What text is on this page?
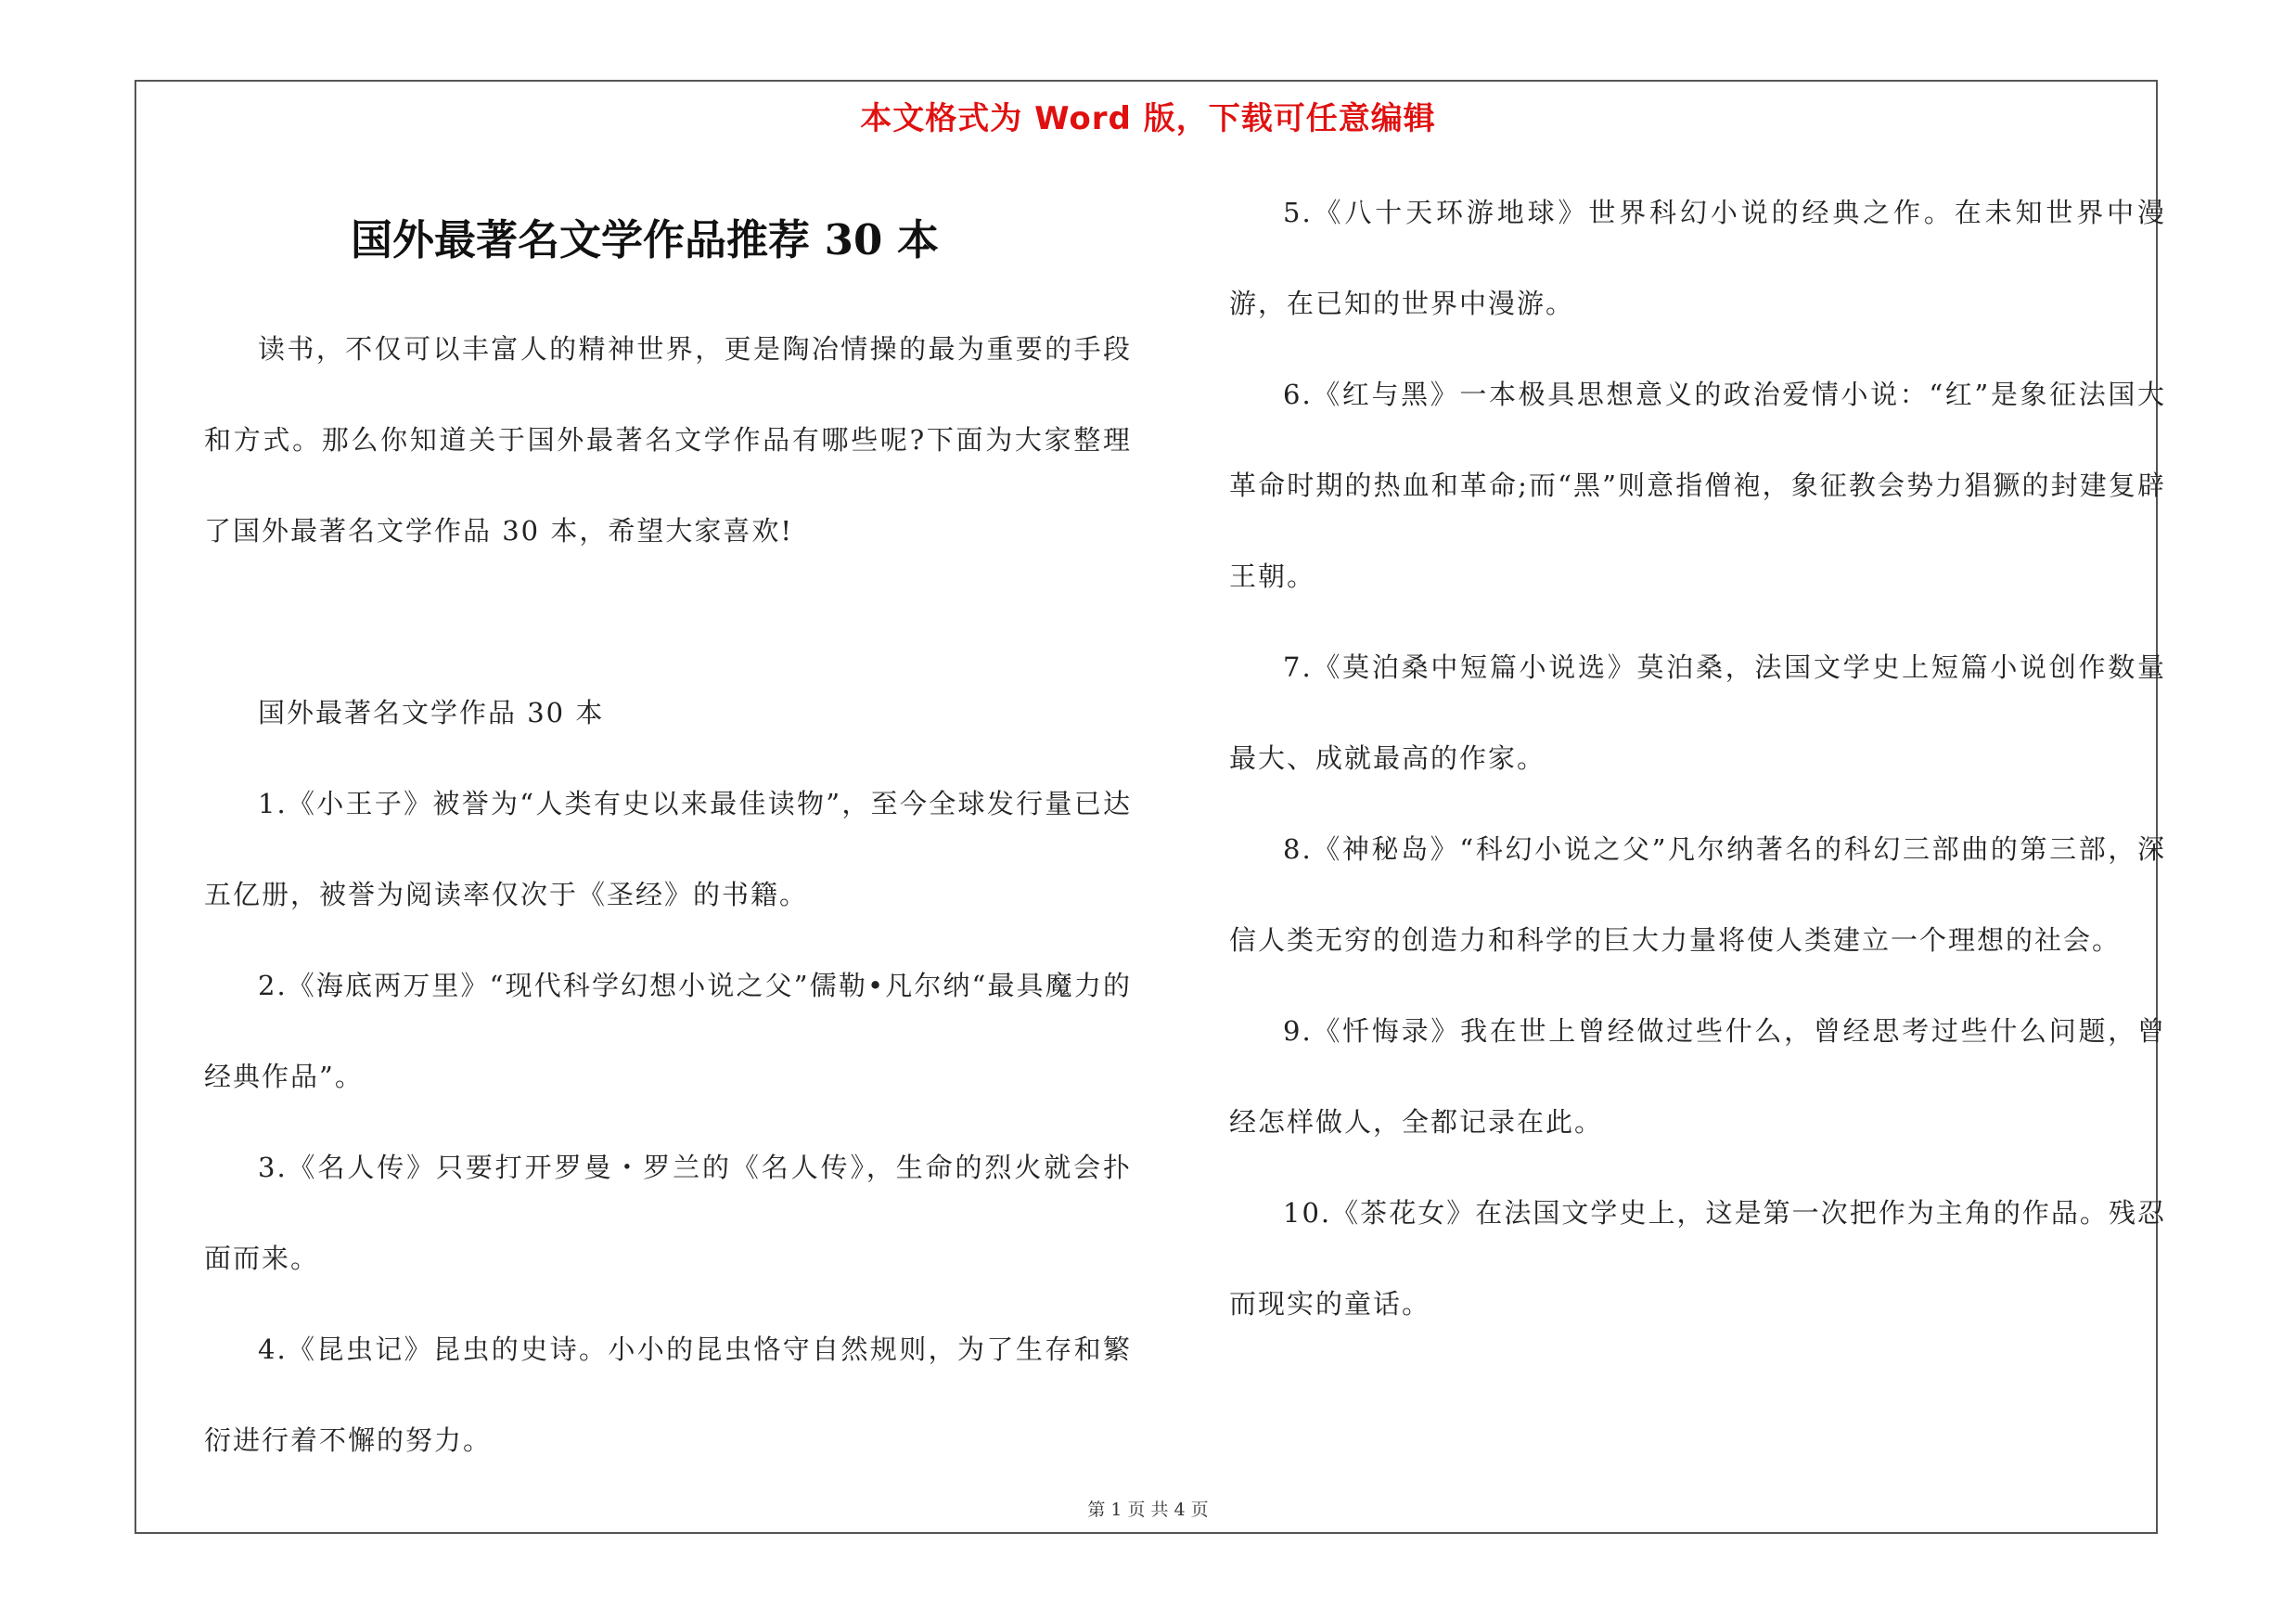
本文格式为 Word 版，下载可任意编辑
国外最著名文学作品推荐 30 本

读书，不仅可以丰富人的精神世界，更是陶冶情操的最为重要的手段和方式。那么你知道关于国外最著名文学作品有哪些呢?下面为大家整理了国外最著名文学作品 30 本，希望大家喜欢!

国外最著名文学作品 30 本

1.《小王子》被誉为“人类有史以来最佳读物”，至今全球发行量已达五亿册，被誉为阅读率仅次于《圣经》的书籍。

2.《海底两万里》“现代科学幻想小说之父”儒勒•凡尔纳“最具魔力的经典作品”。

3.《名人传》只要打开罗曼・罗兰的《名人传》，生命的烈火就会扑面而来。

4.《昆虫记》昆虫的史诗。小小的昆虫恪守自然规则，为了生存和繁衍进行着不懈的努力。

5.《八十天环游地球》世界科幻小说的经典之作。在未知世界中漫游，在已知的世界中漫游。

6.《红与黑》一本极具思想意义的政治爱情小说：“红”是象征法国大革命时期的热血和革命;而“黑”则意指僧袍，象征教会势力猖獗的封建复辟王朝。

7.《莫泊桑中短篇小说选》莫泊桑，法国文学史上短篇小说创作数量最大、成就最高的作家。

8.《神秘岛》“科幻小说之父”凡尔纳著名的科幻三部曲的第三部，深信人类无穷的创造力和科学的巨大力量将使人类建立一个理想的社会。

9.《忏悔录》我在世上曾经做过些什么，曾经思考过些什么问题，曾经怎样做人，全都记录在此。

10.《茶花女》在法国文学史上，这是第一次把作为主角的作品。残忍而现实的童话。

第 1 页 共 4 页
